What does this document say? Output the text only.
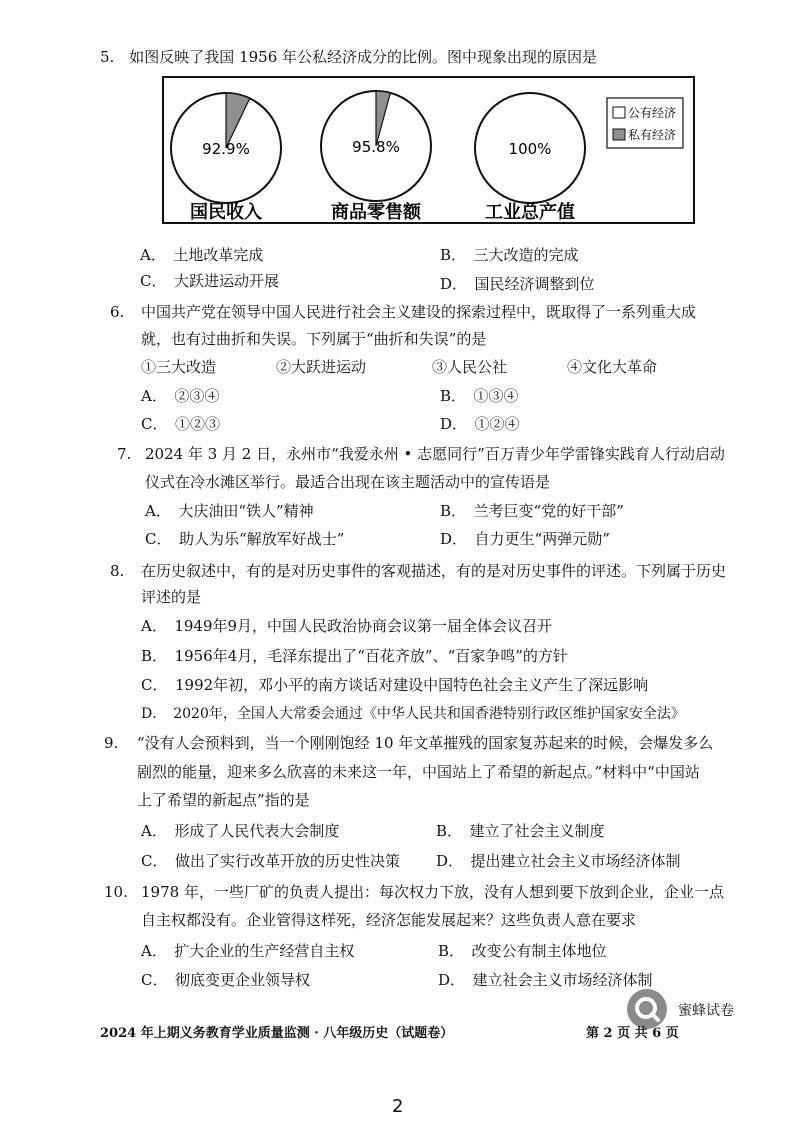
5.　如图反映了我国 1956 年公私经济成分的比例。图中现象出现的原因是
92.9%
国民收入
95.8%
商品零售额
100%
工业总产值
公有经济
私有经济
A．　土地改革完成	B．　三大改造的完成
C．　大跃进运动开展	D．　国民经济调整到位
6. 中国共产党在领导中国人民进行社会主义建设的探索过程中，既取得了一系列重大成
就，也有过曲折和失误。下列属于“曲折和失误”的是
①三大改造	②大跃进运动	③人民公社	④文化大革命
A．　②③④	B．　①③④
C．　①②③	D．　①②④
7. 2024 年 3 月 2 日，永州市“我爱永州 • 志愿同行”百万青少年学雷锋实践育人行动启动
仪式在冷水滩区举行。最适合出现在该主题活动中的宣传语是
A．　大庆油田“铁人”精神	B．　兰考巨变“党的好干部”
C．　助人为乐“解放军好战士”	D．　自力更生“两弹元勋”
8. 在历史叙述中，有的是对历史事件的客观描述，有的是对历史事件的评述。下列属于历史
评述的是
A．　1949年9月，中国人民政治协商会议第一届全体会议召开
B．　1956年4月，毛泽东提出了“百花齐放”、“百家争鸣”的方针
C．　1992年初，邓小平的南方谈话对建设中国特色社会主义产生了深远影响
D．　2020年，全国人大常委会通过《中华人民共和国香港特别行政区维护国家安全法》
9. “没有人会预料到，当一个刚刚饱经 10 年文革摧残的国家复苏起来的时候，会爆发多么
剧烈的能量，迎来多么欣喜的未来这一年，中国站上了希望的新起点。”材料中“中国站
上了希望的新起点”指的是
A．　形成了人民代表大会制度	B．　建立了社会主义制度
C．　做出了实行改革开放的历史性决策 D．　提出建立社会主义市场经济体制
10. 1978 年，一些厂矿的负责人提出：每次权力下放，没有人想到要下放到企业，企业一点
自主权都没有。企业管得这样死，经济怎能发展起来？这些负责人意在要求
A．　扩大企业的生产经营自主权	B．　改变公有制主体地位
C．　彻底变更企业领导权	D．　建立社会主义市场经济体制
蜜蜂试卷
2024 年上期义务教育学业质量监测 · 八年级历史（试题卷）	第 2 页 共 6 页
2
